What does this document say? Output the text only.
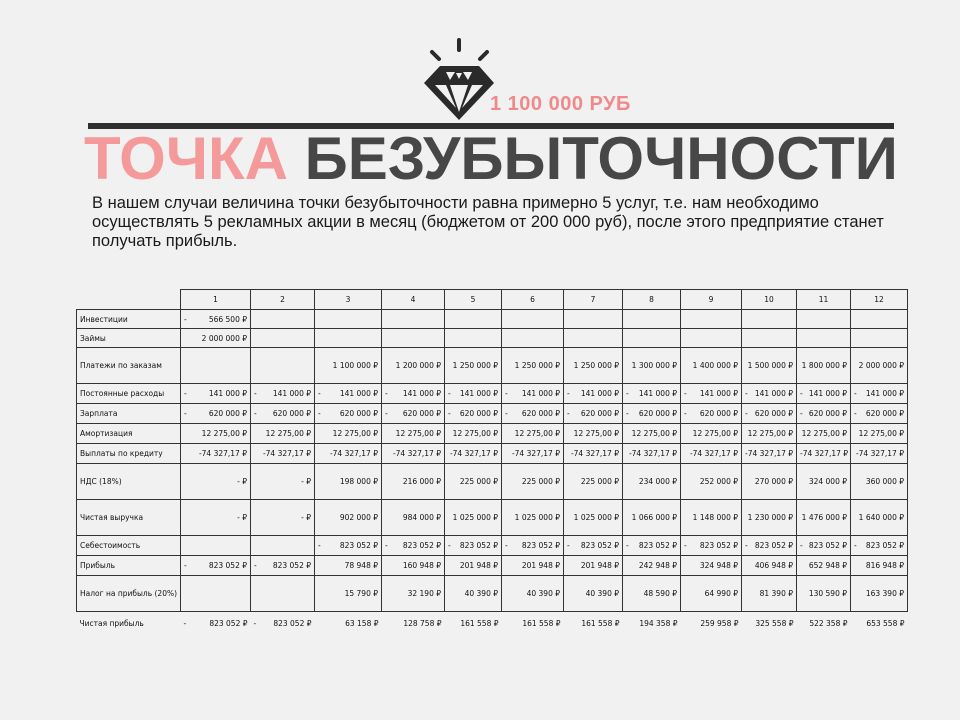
1 100 000 РУБ
ТОЧКА БЕЗУБЫТОЧНОСТИ
В нашем случаи величина точки безубыточности равна примерно 5 услуг, т.е. нам необходимо осуществлять 5 рекламных акции в месяц (бюджетом от 200 000 руб), после этого предприятие станет получать прибыль.
	1	2	3	4	5	6	7	8	9	10	11	12
Инвестиции	- 566 500 ₽											
Займы	2 000 000 ₽											
Платежи по заказам			1 100 000 ₽	1 200 000 ₽	1 250 000 ₽	1 250 000 ₽	1 250 000 ₽	1 300 000 ₽	1 400 000 ₽	1 500 000 ₽	1 800 000 ₽	2 000 000 ₽
Постоянные расходы	- 141 000 ₽	- 141 000 ₽	- 141 000 ₽	- 141 000 ₽	- 141 000 ₽	- 141 000 ₽	- 141 000 ₽	- 141 000 ₽	- 141 000 ₽	- 141 000 ₽	- 141 000 ₽	- 141 000 ₽
Зарплата	- 620 000 ₽	- 620 000 ₽	- 620 000 ₽	- 620 000 ₽	- 620 000 ₽	- 620 000 ₽	- 620 000 ₽	- 620 000 ₽	- 620 000 ₽	- 620 000 ₽	- 620 000 ₽	- 620 000 ₽
Амортизация	12 275,00 ₽	12 275,00 ₽	12 275,00 ₽	12 275,00 ₽	12 275,00 ₽	12 275,00 ₽	12 275,00 ₽	12 275,00 ₽	12 275,00 ₽	12 275,00 ₽	12 275,00 ₽	12 275,00 ₽
Выплаты по кредиту	-74 327,17 ₽	-74 327,17 ₽	-74 327,17 ₽	-74 327,17 ₽	-74 327,17 ₽	-74 327,17 ₽	-74 327,17 ₽	-74 327,17 ₽	-74 327,17 ₽	-74 327,17 ₽	-74 327,17 ₽	-74 327,17 ₽
НДС (18%)	- ₽	- ₽	198 000 ₽	216 000 ₽	225 000 ₽	225 000 ₽	225 000 ₽	234 000 ₽	252 000 ₽	270 000 ₽	324 000 ₽	360 000 ₽
Чистая выручка	- ₽	- ₽	902 000 ₽	984 000 ₽	1 025 000 ₽	1 025 000 ₽	1 025 000 ₽	1 066 000 ₽	1 148 000 ₽	1 230 000 ₽	1 476 000 ₽	1 640 000 ₽
Себестоимость			- 823 052 ₽	- 823 052 ₽	- 823 052 ₽	- 823 052 ₽	- 823 052 ₽	- 823 052 ₽	- 823 052 ₽	- 823 052 ₽	- 823 052 ₽	- 823 052 ₽
Прибыль	- 823 052 ₽	- 823 052 ₽	78 948 ₽	160 948 ₽	201 948 ₽	201 948 ₽	201 948 ₽	242 948 ₽	324 948 ₽	406 948 ₽	652 948 ₽	816 948 ₽
Налог на прибыль (20%)			15 790 ₽	32 190 ₽	40 390 ₽	40 390 ₽	40 390 ₽	48 590 ₽	64 990 ₽	81 390 ₽	130 590 ₽	163 390 ₽
Чистая прибыль	- 823 052 ₽	- 823 052 ₽	63 158 ₽	128 758 ₽	161 558 ₽	161 558 ₽	161 558 ₽	194 358 ₽	259 958 ₽	325 558 ₽	522 358 ₽	653 558 ₽
